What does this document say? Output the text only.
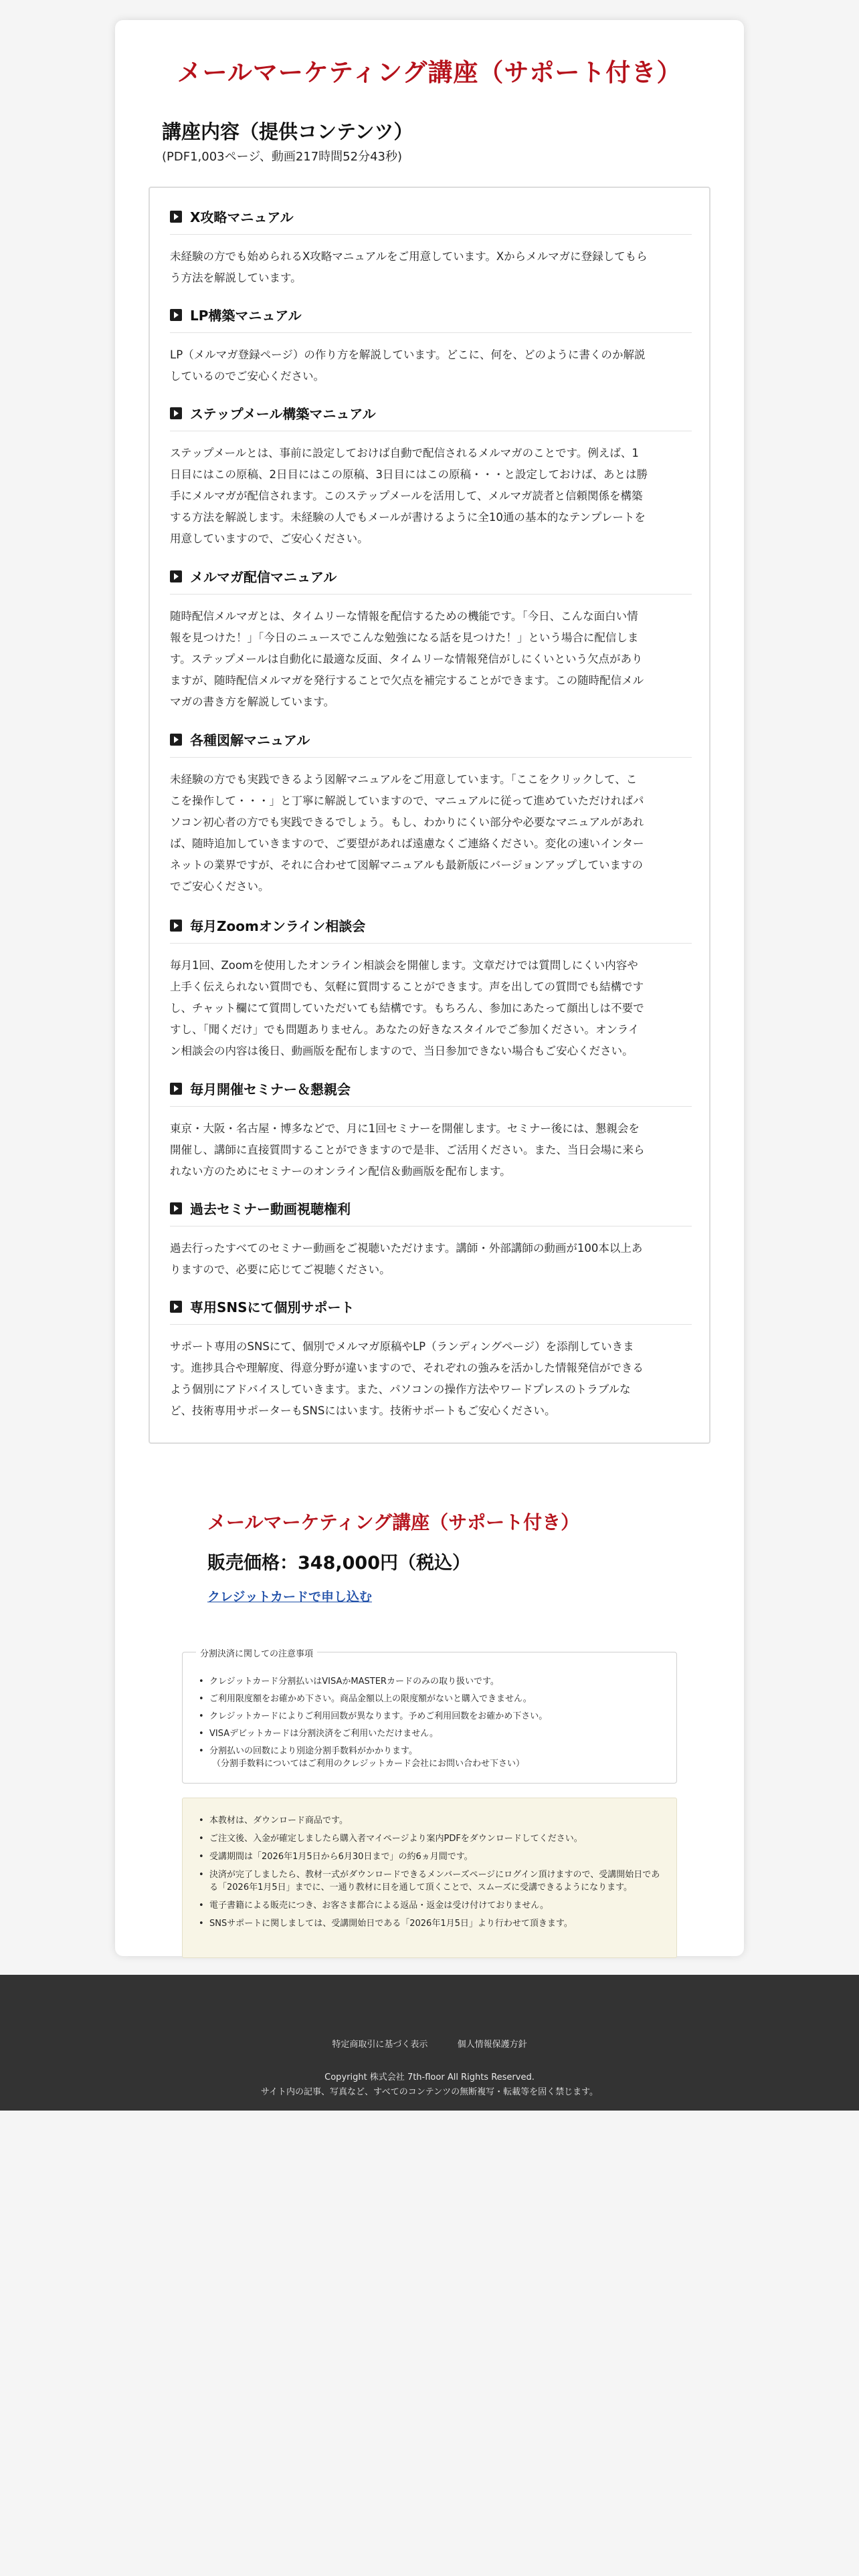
メールマーケティング講座（サポート付き）
講座内容（提供コンテンツ）
(PDF1,003ページ、動画217時間52分43秒)
X攻略マニュアル
未経験の方でも始められるX攻略マニュアルをご用意しています。Xからメルマガに登録してもら
う方法を解説しています。
LP構築マニュアル
LP（メルマガ登録ページ）の作り方を解説しています。どこに、何を、どのように書くのか解説
しているのでご安心ください。
ステップメール構築マニュアル
ステップメールとは、事前に設定しておけば自動で配信されるメルマガのことです。例えば、1
日目にはこの原稿、2日目にはこの原稿、3日目にはこの原稿・・・と設定しておけば、あとは勝
手にメルマガが配信されます。このステップメールを活用して、メルマガ読者と信頼関係を構築
する方法を解説します。未経験の人でもメールが書けるように全10通の基本的なテンプレートを
用意していますので、ご安心ください。
メルマガ配信マニュアル
随時配信メルマガとは、タイムリーな情報を配信するための機能です。「今日、こんな面白い情
報を見つけた！」「今日のニュースでこんな勉強になる話を見つけた！」という場合に配信しま
す。ステップメールは自動化に最適な反面、タイムリーな情報発信がしにくいという欠点があり
ますが、随時配信メルマガを発行することで欠点を補完することができます。この随時配信メル
マガの書き方を解説しています。
各種図解マニュアル
未経験の方でも実践できるよう図解マニュアルをご用意しています。「ここをクリックして、こ
こを操作して・・・」と丁寧に解説していますので、マニュアルに従って進めていただければパ
ソコン初心者の方でも実践できるでしょう。もし、わかりにくい部分や必要なマニュアルがあれ
ば、随時追加していきますので、ご要望があれば遠慮なくご連絡ください。変化の速いインター
ネットの業界ですが、それに合わせて図解マニュアルも最新版にバージョンアップしていますの
でご安心ください。
毎月Zoomオンライン相談会
毎月1回、Zoomを使用したオンライン相談会を開催します。文章だけでは質問しにくい内容や
上手く伝えられない質問でも、気軽に質問することができます。声を出しての質問でも結構です
し、チャット欄にて質問していただいても結構です。もちろん、参加にあたって顔出しは不要で
すし、「聞くだけ」でも問題ありません。あなたの好きなスタイルでご参加ください。オンライ
ン相談会の内容は後日、動画版を配布しますので、当日参加できない場合もご安心ください。
毎月開催セミナー＆懇親会
東京・大阪・名古屋・博多などで、月に1回セミナーを開催します。セミナー後には、懇親会を
開催し、講師に直接質問することができますので是非、ご活用ください。また、当日会場に来ら
れない方のためにセミナーのオンライン配信＆動画版を配布します。
過去セミナー動画視聴権利
過去行ったすべてのセミナー動画をご視聴いただけます。講師・外部講師の動画が100本以上あ
りますので、必要に応じてご視聴ください。
専用SNSにて個別サポート
サポート専用のSNSにて、個別でメルマガ原稿やLP（ランディングページ）を添削していきま
す。進捗具合や理解度、得意分野が違いますので、それぞれの強みを活かした情報発信ができる
よう個別にアドバイスしていきます。また、パソコンの操作方法やワードプレスのトラブルな
ど、技術専用サポーターもSNSにはいます。技術サポートもご安心ください。
メールマーケティング講座（サポート付き）
販売価格：348,000円（税込）
クレジットカードで申し込む
分割決済に関しての注意事項
• クレジットカード分割払いはVISAかMASTERカードのみの取り扱いです。
• ご利用限度額をお確かめ下さい。商品金額以上の限度額がないと購入できません。
• クレジットカードによりご利用回数が異なります。予めご利用回数をお確かめ下さい。
• VISAデビットカードは分割決済をご利用いただけません。
• 分割払いの回数により別途分割手数料がかかります。
（分割手数料についてはご利用のクレジットカード会社にお問い合わせ下さい）
• 本教材は、ダウンロード商品です。
• ご注文後、入金が確定しましたら購入者マイページより案内PDFをダウンロードしてください。
• 受講期間は「2026年1月5日から6月30日まで」の約6ヵ月間です。
• 決済が完了しましたら、教材一式がダウンロードできるメンバーズページにログイン頂けますので、受講開始日である「2026年1月5日」までに、一通り教材に目を通して頂くことで、スムーズに受講できるようになります。
• 電子書籍による販売につき、お客さま都合による返品・返金は受け付けておりません。
• SNSサポートに関しましては、受講開始日である「2026年1月5日」より行わせて頂きます。
特定商取引に基づく表示	個人情報保護方針
Copyright 株式会社 7th-floor All Rights Reserved.
サイト内の記事、写真など、すべてのコンテンツの無断複写・転載等を固く禁じます。
